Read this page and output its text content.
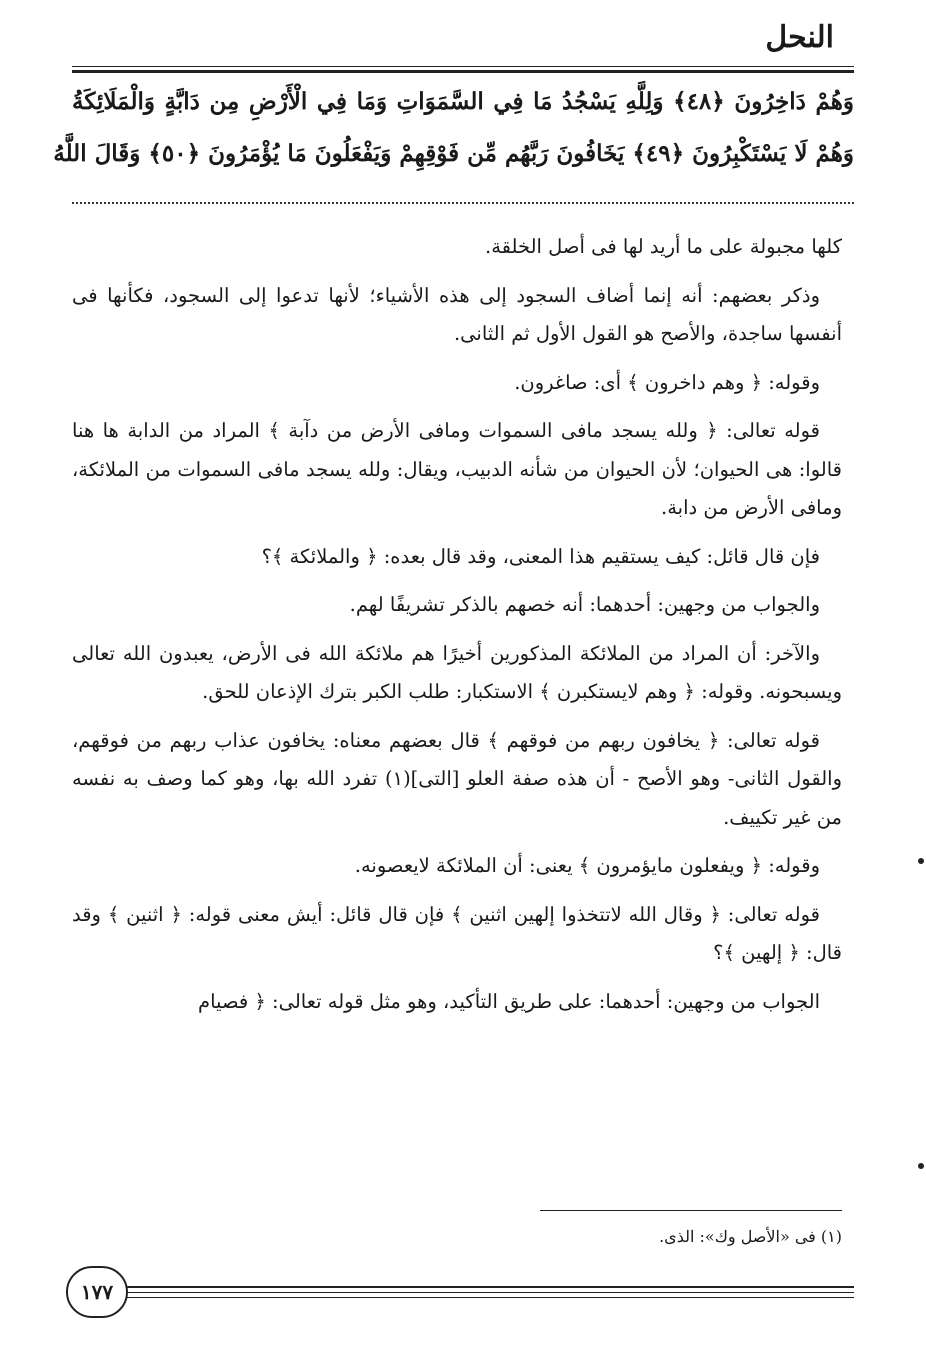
النحل
وَهُمْ دَاخِرُونَ ﴿٤٨﴾ وَلِلَّهِ يَسْجُدُ مَا فِي السَّمَوَاتِ وَمَا فِي الْأَرْضِ مِن دَابَّةٍ وَالْمَلَائِكَةُ
وَهُمْ لَا يَسْتَكْبِرُونَ ﴿٤٩﴾ يَخَافُونَ رَبَّهُم مِّن فَوْقِهِمْ وَيَفْعَلُونَ مَا يُؤْمَرُونَ ﴿٥٠﴾ وَقَالَ اللَّهُ

كلها مجبولة على ما أريد لها فى أصل الخلقة.

وذكر بعضهم: أنه إنما أضاف السجود إلى هذه الأشياء؛ لأنها تدعوا إلى السجود، فكأنها فى أنفسها ساجدة، والأصح هو القول الأول ثم الثانى.

وقوله: ﴿ وهم داخرون ﴾ أى: صاغرون.

قوله تعالى: ﴿ ولله يسجد مافى السموات ومافى الأرض من دآبة ﴾ المراد من الدابة ها هنا قالوا: هى الحيوان؛ لأن الحيوان من شأنه الدبيب، ويقال: ولله يسجد مافى السموات من الملائكة، ومافى الأرض من دابة.

فإن قال قائل: كيف يستقيم هذا المعنى، وقد قال بعده: ﴿ والملائكة ﴾؟

والجواب من وجهين: أحدهما: أنه خصهم بالذكر تشريفًا لهم.

والآخر: أن المراد من الملائكة المذكورين أخيرًا هم ملائكة الله فى الأرض، يعبدون الله تعالى ويسبحونه. وقوله: ﴿ وهم لايستكبرن ﴾ الاستكبار: طلب الكبر بترك الإذعان للحق.

قوله تعالى: ﴿ يخافون ربهم من فوقهم ﴾ قال بعضهم معناه: يخافون عذاب ربهم من فوقهم، والقول الثانى- وهو الأصح - أن هذه صفة العلو [التى](١) تفرد الله بها، وهو كما وصف به نفسه من غير تكييف.

وقوله: ﴿ ويفعلون مايؤمرون ﴾ يعنى: أن الملائكة لايعصونه.

قوله تعالى: ﴿ وقال الله لاتتخذوا إلهين اثنين ﴾ فإن قال قائل: أيش معنى قوله: ﴿ اثنين ﴾ وقد قال: ﴿ إلهين ﴾؟

الجواب من وجهين: أحدهما: على طريق التأكيد، وهو مثل قوله تعالى: ﴿ فصيام

(١) فى «الأصل وك»: الذى.
١٧٧
